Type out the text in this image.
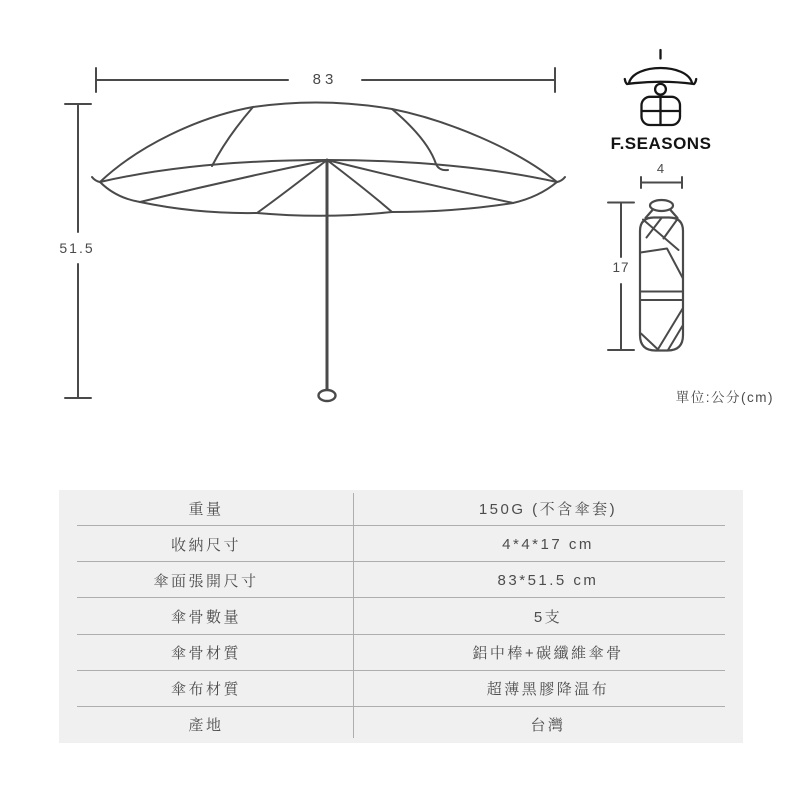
83
51.5
F.SEASONS
4
17
單位:公分(cm)
重量	150G (不含傘套)
收納尺寸	4*4*17 cm
傘面張開尺寸	83*51.5 cm
傘骨數量	5支
傘骨材質	鋁中棒+碳纖維傘骨
傘布材質	超薄黑膠降温布
產地	台灣
